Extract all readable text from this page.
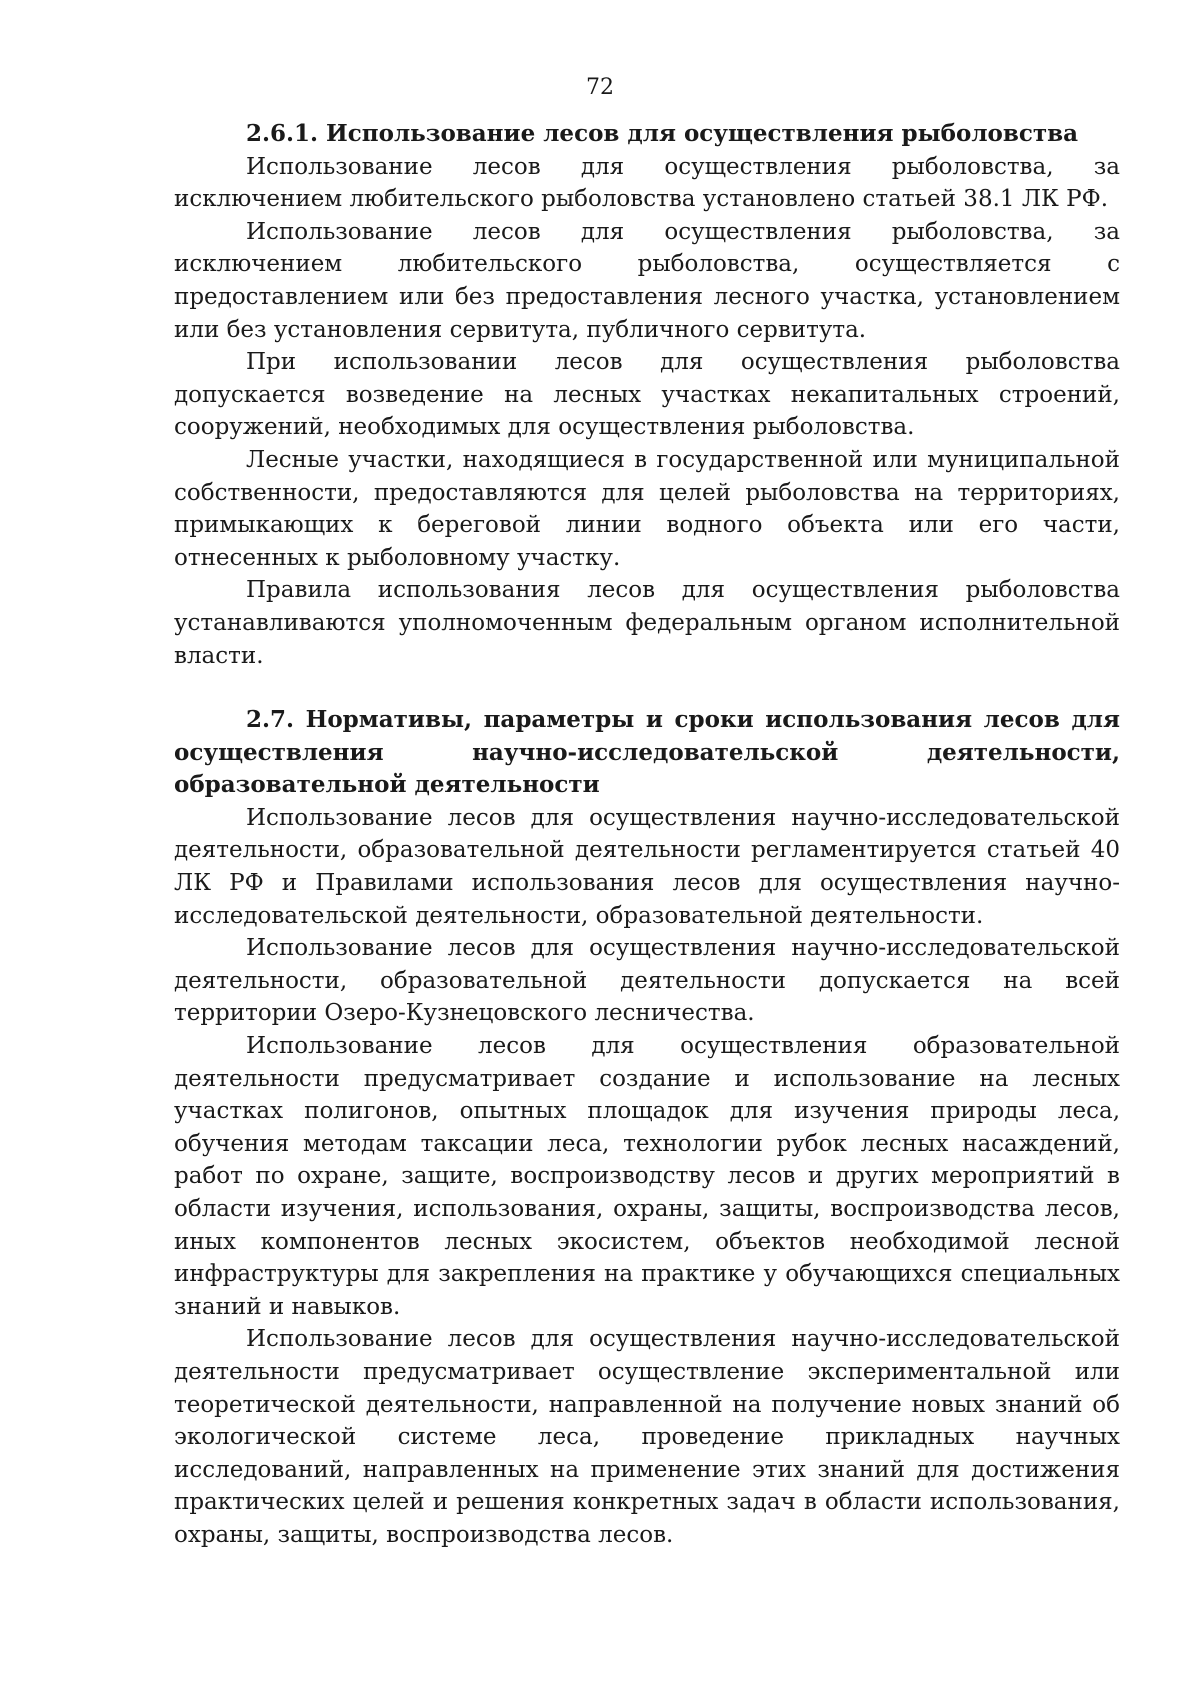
72
2.6.1. Использование лесов для осуществления рыболовства

Использование лесов для осуществления рыболовства, за исключением любительского рыболовства установлено статьей 38.1 ЛК РФ.

Использование лесов для осуществления рыболовства, за исключением любительского рыболовства, осуществляется с предоставлением или без предоставления лесного участка, установлением или без установления сервитута, публичного сервитута.

При использовании лесов для осуществления рыболовства допускается возведение на лесных участках некапитальных строений, сооружений, необходимых для осуществления рыболовства.

Лесные участки, находящиеся в государственной или муниципальной собственности, предоставляются для целей рыболовства на территориях, примыкающих к береговой линии водного объекта или его части, отнесенных к рыболовному участку.

Правила использования лесов для осуществления рыболовства устанавливаются уполномоченным федеральным органом исполнительной власти.

2.7. Нормативы, параметры и сроки использования лесов для осуществления научно-исследовательской деятельности, образовательной деятельности

Использование лесов для осуществления научно-исследовательской деятельности, образовательной деятельности регламентируется статьей 40 ЛК РФ и Правилами использования лесов для осуществления научно-исследовательской деятельности, образовательной деятельности.

Использование лесов для осуществления научно-исследовательской деятельности, образовательной деятельности допускается на всей территории Озеро-Кузнецовского лесничества.

Использование лесов для осуществления образовательной деятельности предусматривает создание и использование на лесных участках полигонов, опытных площадок для изучения природы леса, обучения методам таксации леса, технологии рубок лесных насаждений, работ по охране, защите, воспроизводству лесов и других мероприятий в области изучения, использования, охраны, защиты, воспроизводства лесов, иных компонентов лесных экосистем, объектов необходимой лесной инфраструктуры для закрепления на практике у обучающихся специальных знаний и навыков.

Использование лесов для осуществления научно-исследовательской деятельности предусматривает осуществление экспериментальной или теоретической деятельности, направленной на получение новых знаний об экологической системе леса, проведение прикладных научных исследований, направленных на применение этих знаний для достижения практических целей и решения конкретных задач в области использования, охраны, защиты, воспроизводства лесов.
